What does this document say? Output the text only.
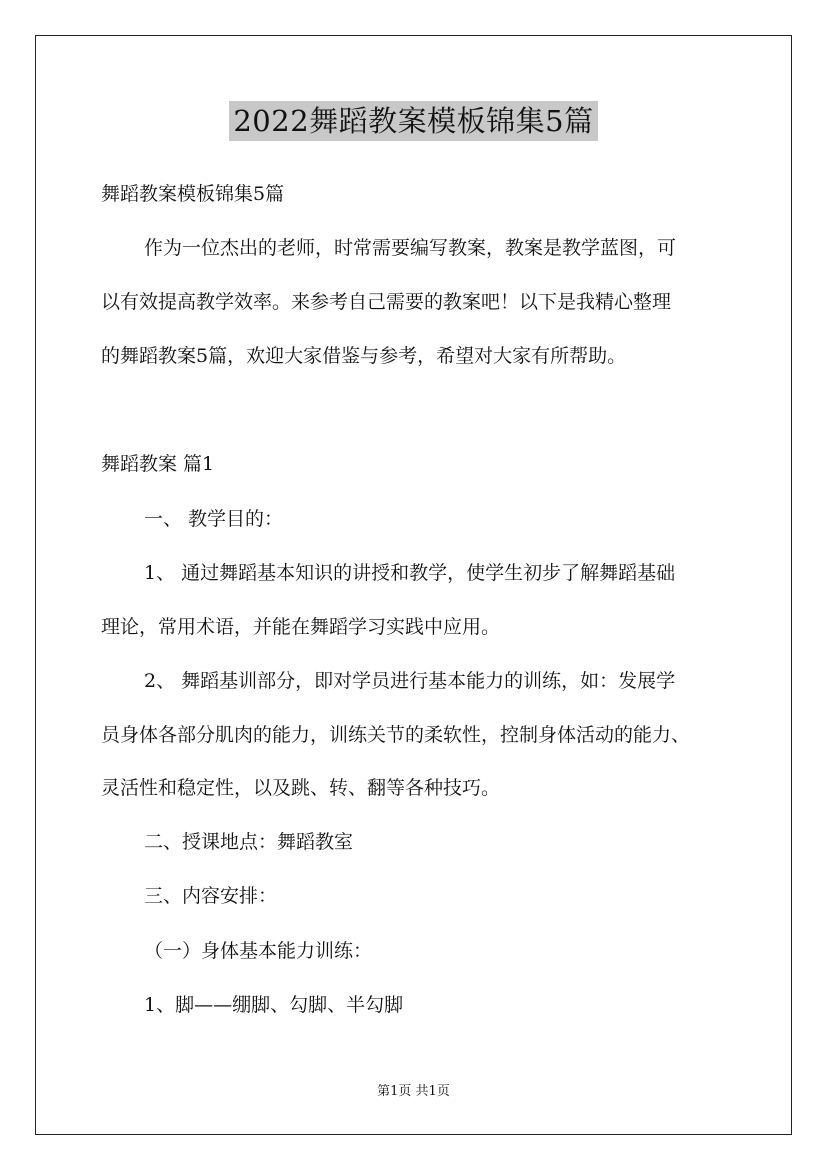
2022舞蹈教案模板锦集5篇
舞蹈教案模板锦集5篇
作为一位杰出的老师，时常需要编写教案，教案是教学蓝图，可
以有效提高教学效率。来参考自己需要的教案吧！以下是我精心整理
的舞蹈教案5篇，欢迎大家借鉴与参考，希望对大家有所帮助。
舞蹈教案 篇1
一、 教学目的：
1、 通过舞蹈基本知识的讲授和教学，使学生初步了解舞蹈基础
理论，常用术语，并能在舞蹈学习实践中应用。
2、 舞蹈基训部分，即对学员进行基本能力的训练，如：发展学
员身体各部分肌肉的能力，训练关节的柔软性，控制身体活动的能力、
灵活性和稳定性，以及跳、转、翻等各种技巧。
二、授课地点：舞蹈教室
三、内容安排：
（一）身体基本能力训练：
1、脚——绷脚、勾脚、半勾脚
第1页 共1页
